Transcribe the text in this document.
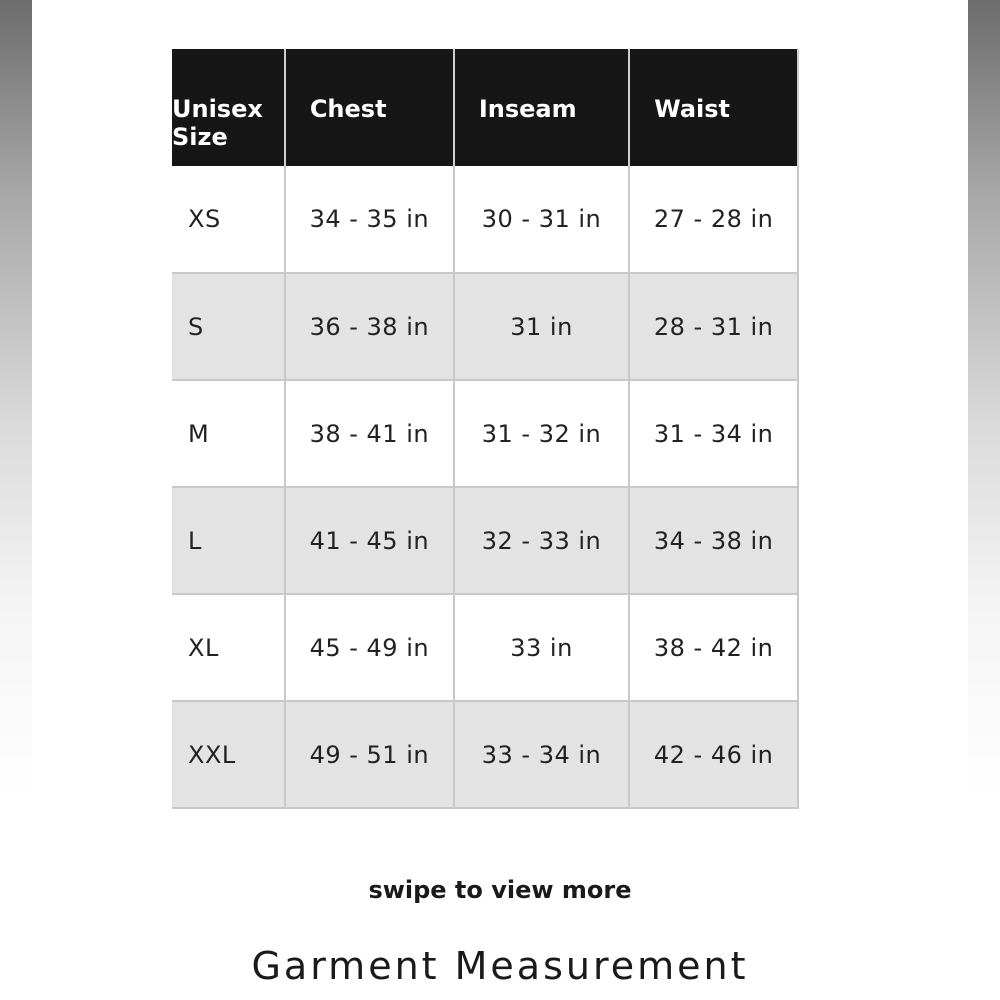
Unisex Size	Chest	Inseam	Waist
XS	34 - 35 in	30 - 31 in	27 - 28 in
S	36 - 38 in	31 in	28 - 31 in
M	38 - 41 in	31 - 32 in	31 - 34 in
L	41 - 45 in	32 - 33 in	34 - 38 in
XL	45 - 49 in	33 in	38 - 42 in
XXL	49 - 51 in	33 - 34 in	42 - 46 in
swipe to view more
Garment Measurement
